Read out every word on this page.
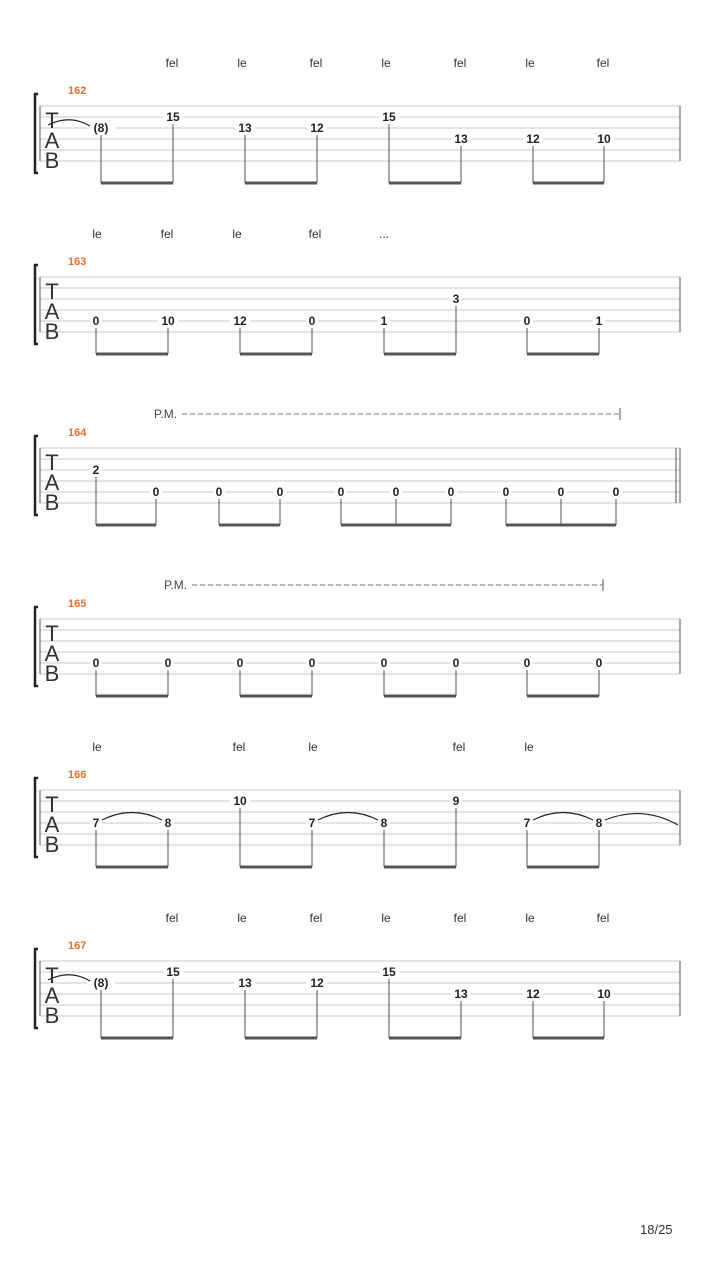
T
A
B
162
fel	le	fel	le	fel	le	fel
(8)
15
13	12
15
13	12	10
T
A
B
163
le	fel	le	fel	...
0	10	12	0	1
3
0	1
T
A
B
164
P.M.
2
0	0	0	0	0	0	0	0	0
T
A
B
165
P.M.
0	0	0	0	0	0	0	0
T
A
B
166
le	fel	le	fel	le
7	8
10
7	8
9
7	8
T
A
B
167
fel	le	fel	le	fel	le	fel
(8)
15
13	12
15
13	12	10
18/25
